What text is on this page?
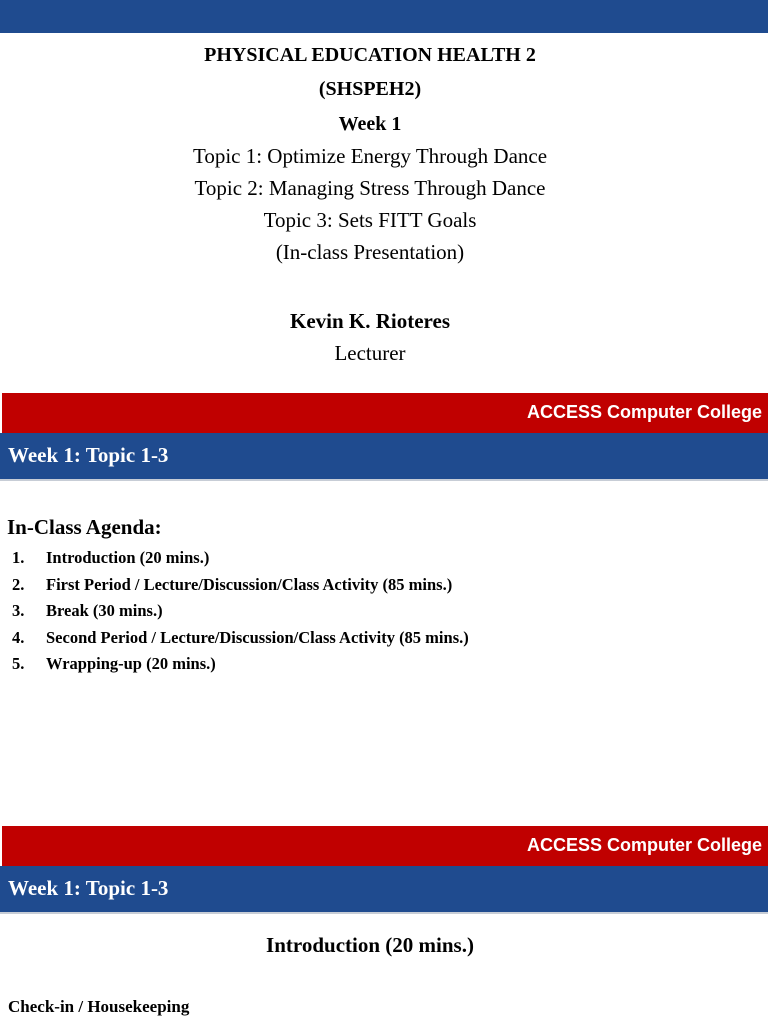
PHYSICAL EDUCATION HEALTH 2
(SHSPEH2)
Week 1
Topic 1: Optimize Energy Through Dance
Topic 2: Managing Stress Through Dance
Topic 3: Sets FITT Goals
(In-class Presentation)
Kevin K. Rioteres
Lecturer
ACCESS Computer College
Week 1: Topic 1-3
In-Class Agenda:
1.	Introduction (20 mins.)
2.	First Period / Lecture/Discussion/Class Activity (85 mins.)
3.	Break (30 mins.)
4.	Second Period / Lecture/Discussion/Class Activity (85 mins.)
5.	Wrapping-up (20 mins.)
ACCESS Computer College
Week 1: Topic 1-3
Introduction (20 mins.)
Check-in / Housekeeping
